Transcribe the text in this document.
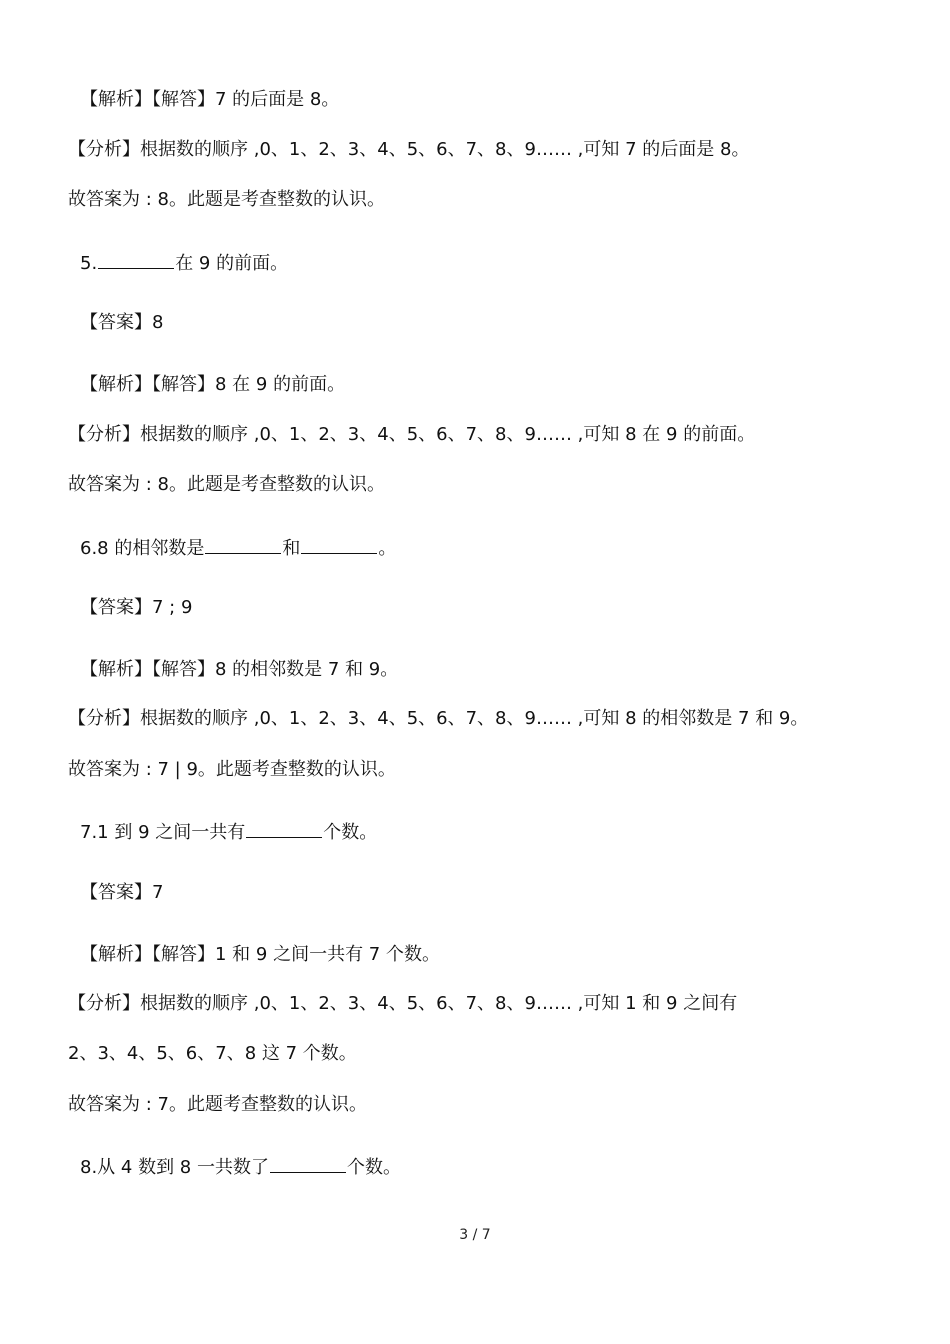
【解析】【解答】7 的后面是 8。
【分析】根据数的顺序 ,0、1、2、3、4、5、6、7、8、9…… ,可知 7 的后面是 8。
故答案为 : 8。此题是考查整数的认识。
5.	在 9 的前面。
【答案】8
【解析】【解答】8 在 9 的前面。
【分析】根据数的顺序 ,0、1、2、3、4、5、6、7、8、9…… ,可知 8 在 9 的前面。
故答案为 : 8。此题是考查整数的认识。
6.8 的相邻数是	和	。
【答案】7 ; 9
【解析】【解答】8 的相邻数是 7 和 9。
【分析】根据数的顺序 ,0、1、2、3、4、5、6、7、8、9…… ,可知 8 的相邻数是 7 和 9。
故答案为 : 7 | 9。此题考查整数的认识。
7.1 到 9 之间一共有	个数。
【答案】7
【解析】【解答】1 和 9 之间一共有 7 个数。
【分析】根据数的顺序 ,0、1、2、3、4、5、6、7、8、9…… ,可知 1 和 9 之间有
2、3、4、5、6、7、8 这 7 个数。
故答案为 : 7。此题考查整数的认识。
8.从 4 数到 8 一共数了	个数。
3 / 7
